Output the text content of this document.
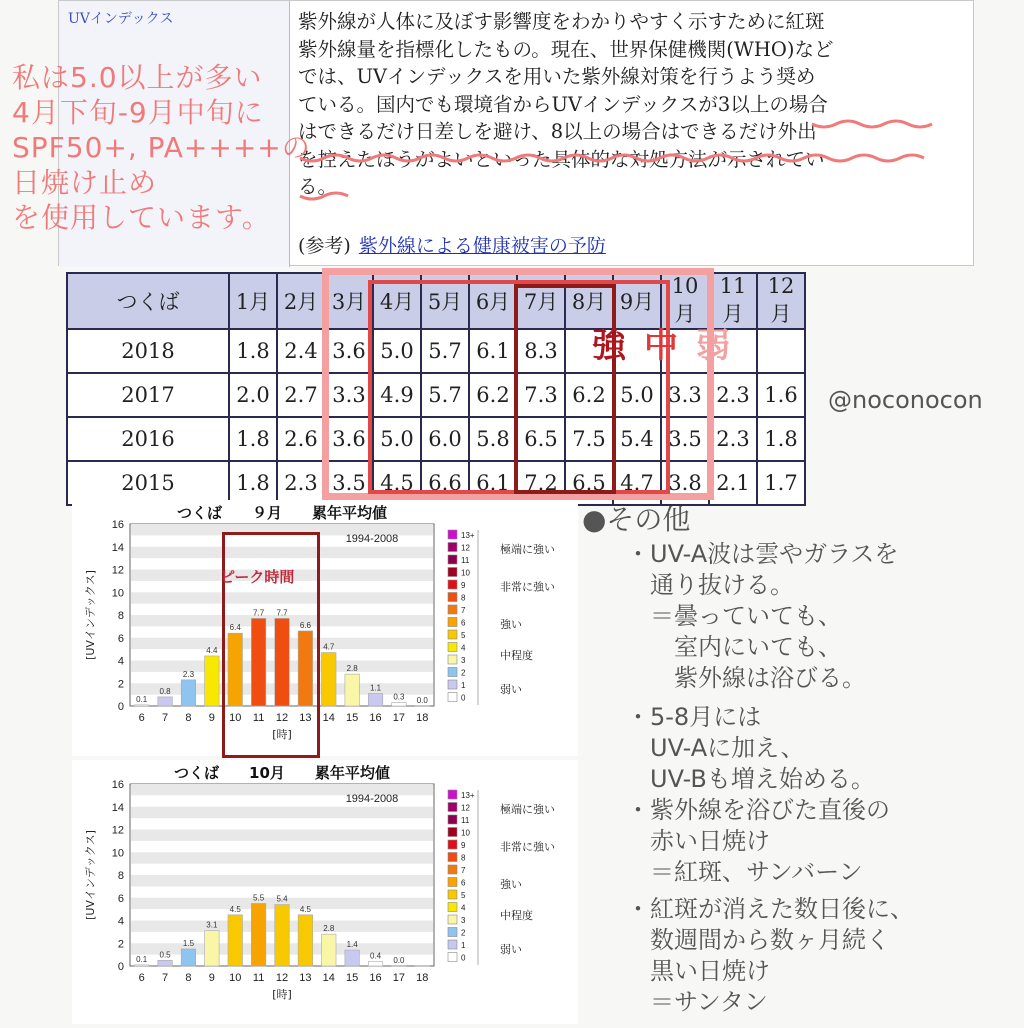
UVインデックス	紫外線が人体に及ぼす影響度をわかりやすく示すために紅斑
紫外線量を指標化したもの。現在、世界保健機関(WHO)など
では、UVインデックスを用いた紫外線対策を行うよう奨め
ている。国内でも環境省からUVインデックスが3以上の場合
はできるだけ日差しを避け、8以上の場合はできるだけ外出
を控えたほうがよいといった具体的な対処方法が示されてい
る。
(参考) 紫外線による健康被害の予防
私は5.0以上が多い
4月下旬-9月中旬に
SPF50+, PA++++の
日焼け止め
を使用しています。
つくば	1月	2月	3月	4月	5月	6月	7月	8月	9月	10月	11月	12月
2018	1.8	2.4	3.6	5.0	5.7	6.1	8.3					
2017	2.0	2.7	3.3	4.9	5.7	6.2	7.3	6.2	5.0	3.3	2.3	1.6
2016	1.8	2.6	3.6	5.0	6.0	5.8	6.5	7.5	5.4	3.5	2.3	1.8
2015	1.8	2.3	3.5	4.5	6.6	6.1	7.2	6.5	4.7	3.8	2.1	1.7
強 中 弱
@noconocon
0
2
4
6
8
10
12
14
16
[UVインデックス]
つくば　　９月　　累年平均値
1994-2008
0.1
6
0.8
7
2.3
8
4.4
9
6.4
10
7.7
11
7.7
12
6.6
13
4.7
14
2.8
15
1.1
16
0.3
17
0.0
18
[時]
13+
12
11
10
9
8
7
6
5
4
3
2
1
0
極端に強い
非常に強い
強い
中程度
弱い
0
2
4
6
8
10
12
14
16
[UVインデックス]
つくば　　10月　　累年平均値
1994-2008
0.1
6
0.5
7
1.5
8
3.1
9
4.5
10
5.5
11
5.4
12
4.5
13
2.8
14
1.4
15
0.4
16
0.0
17 18
[時]
13+
12
11
10
9
8
7
6
5
4
3
2
1
0
極端に強い
非常に強い
強い
中程度
弱い
ピーク時間
●その他
・UV-A波は雲やガラスを
　通り抜ける。
　＝曇っていても、
　　室内にいても、
　　紫外線は浴びる。
・5-8月には
　UV-Aに加え、
　UV-Bも増え始める。
・紫外線を浴びた直後の
　赤い日焼け
　＝紅斑、サンバーン
・紅斑が消えた数日後に、
　数週間から数ヶ月続く
　黒い日焼け
　＝サンタン
